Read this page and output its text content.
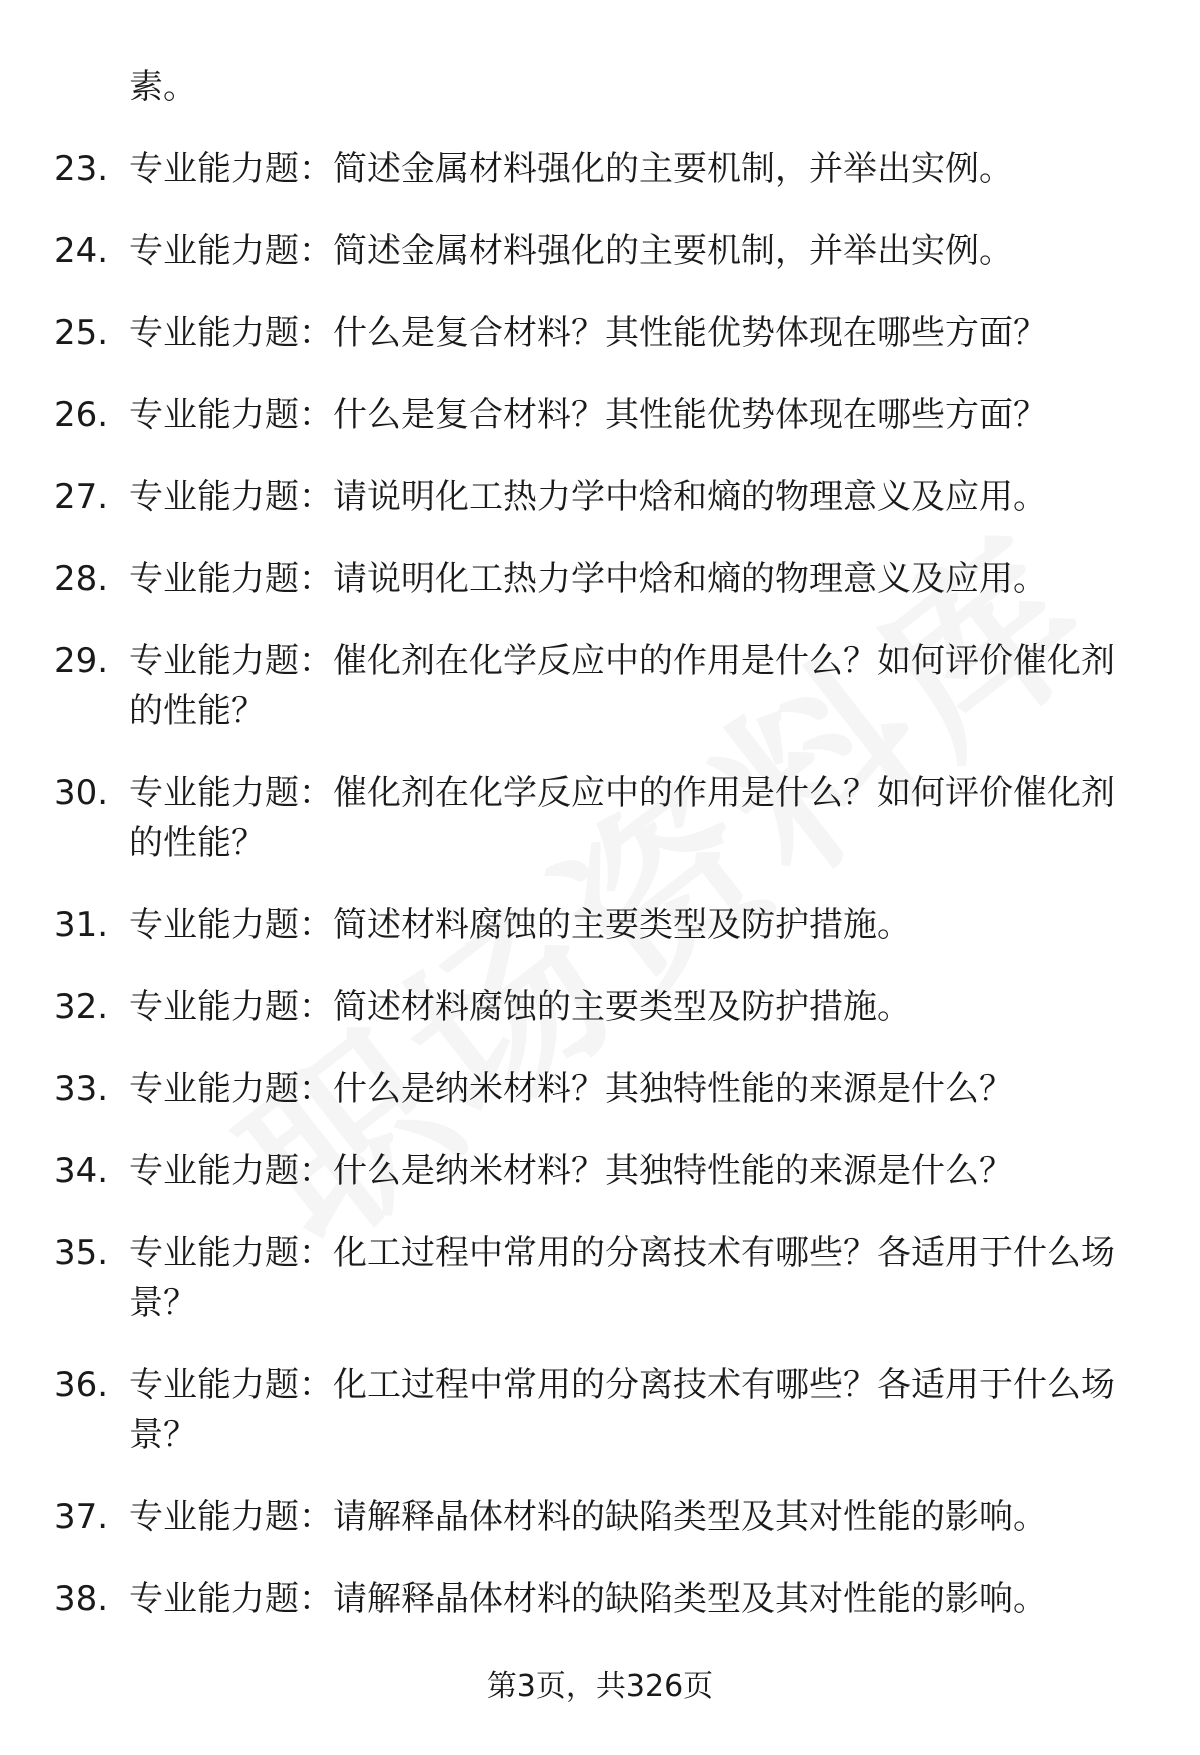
素。
23. 专业能力题：简述金属材料强化的主要机制，并举出实例。
24. 专业能力题：简述金属材料强化的主要机制，并举出实例。
25. 专业能力题：什么是复合材料？其性能优势体现在哪些方面？
26. 专业能力题：什么是复合材料？其性能优势体现在哪些方面？
27. 专业能力题：请说明化工热力学中焓和熵的物理意义及应用。
28. 专业能力题：请说明化工热力学中焓和熵的物理意义及应用。
29. 专业能力题：催化剂在化学反应中的作用是什么？如何评价催化剂的性能？
30. 专业能力题：催化剂在化学反应中的作用是什么？如何评价催化剂的性能？
31. 专业能力题：简述材料腐蚀的主要类型及防护措施。
32. 专业能力题：简述材料腐蚀的主要类型及防护措施。
33. 专业能力题：什么是纳米材料？其独特性能的来源是什么？
34. 专业能力题：什么是纳米材料？其独特性能的来源是什么？
35. 专业能力题：化工过程中常用的分离技术有哪些？各适用于什么场景？
36. 专业能力题：化工过程中常用的分离技术有哪些？各适用于什么场景？
37. 专业能力题：请解释晶体材料的缺陷类型及其对性能的影响。
38. 专业能力题：请解释晶体材料的缺陷类型及其对性能的影响。
第3页，共326页
